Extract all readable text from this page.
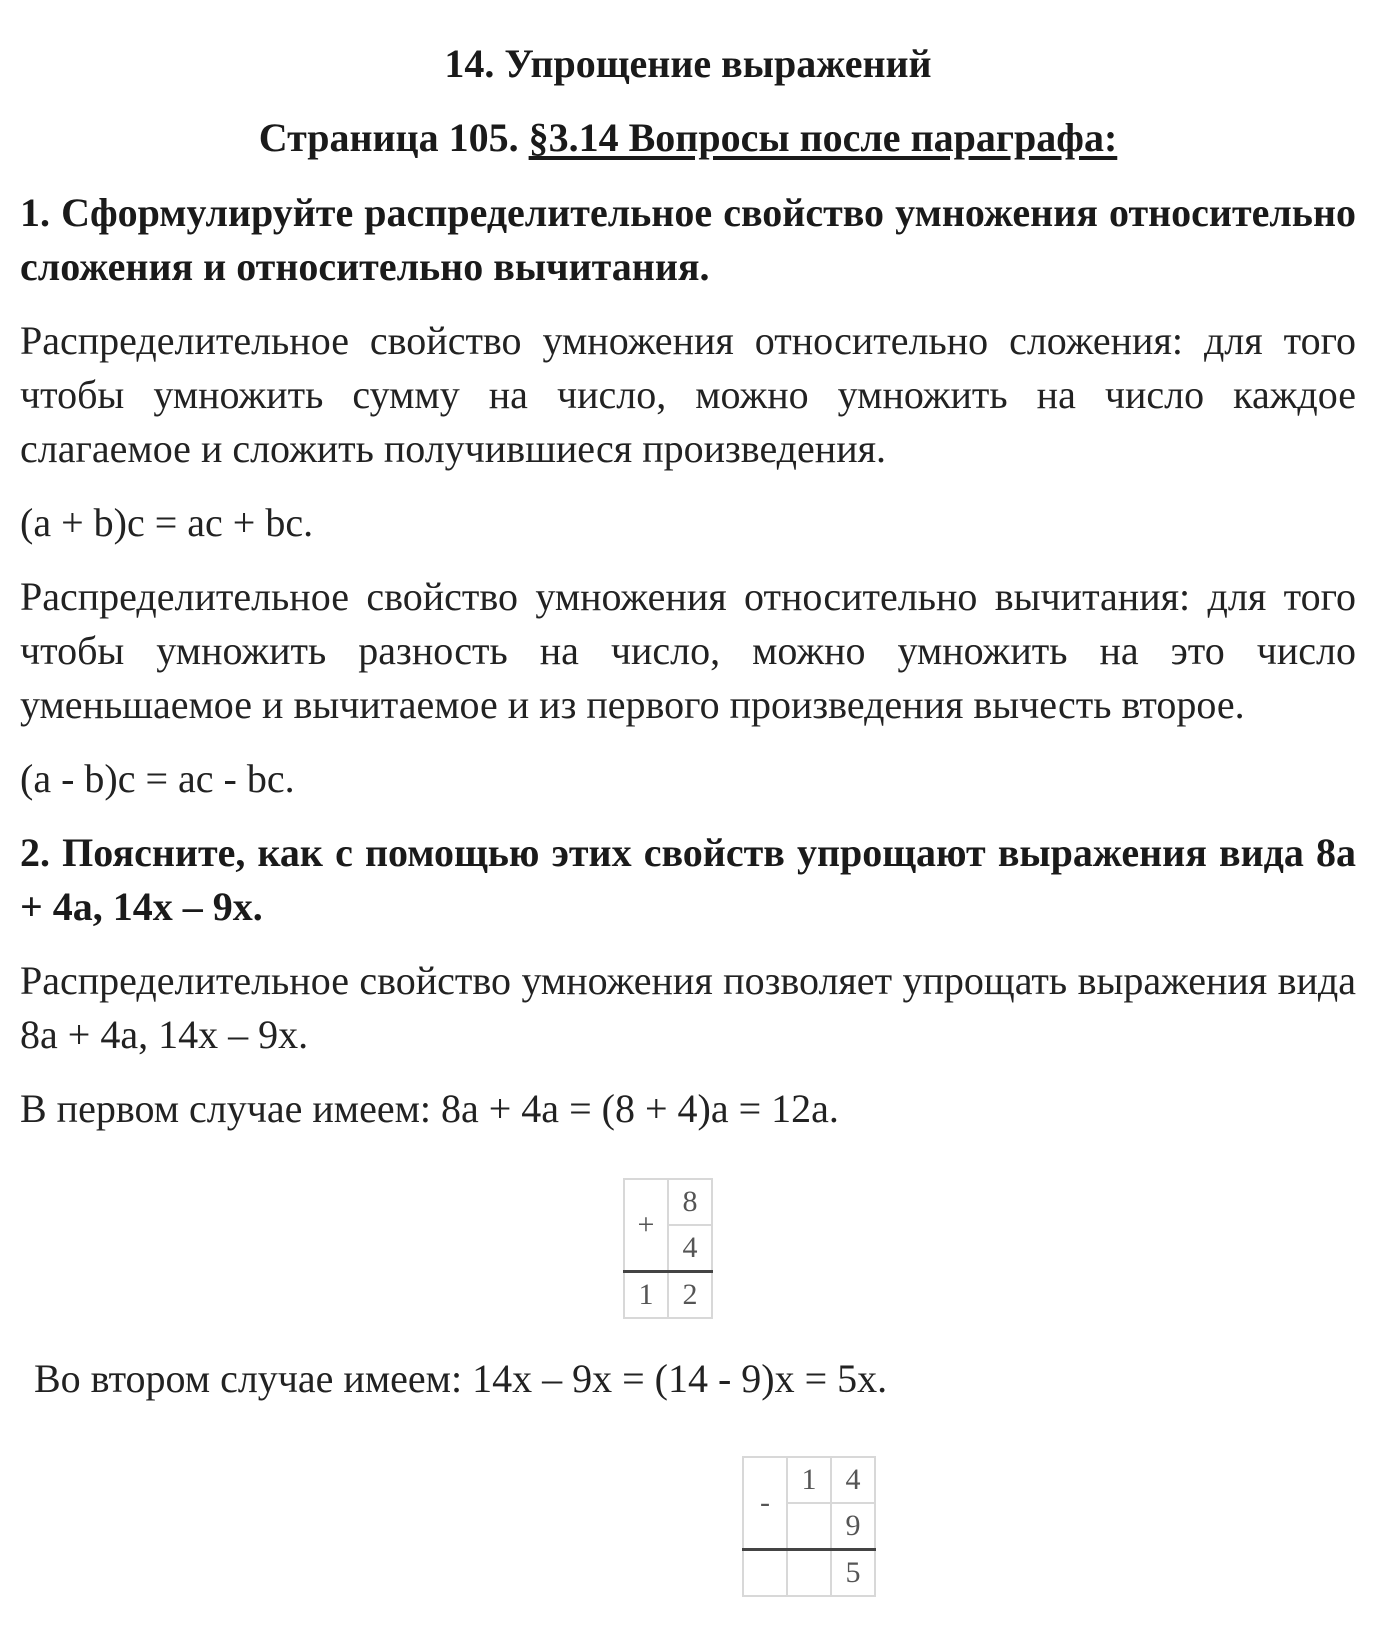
14. Упрощение выражений
Страница 105. §3.14 Вопросы после параграфа:

1. Сформулируйте распределительное свойство умножения относительно сложения и относительно вычитания.

Распределительное свойство умножения относительно сложения: для того чтобы умножить сумму на число, можно умножить на число каждое слагаемое и сложить получившиеся произведения.

(a + b)c = ac + bc.

Распределительное свойство умножения относительно вычитания: для того чтобы умножить разность на число, можно умножить на это число уменьшаемое и вычитаемое и из первого произведения вычесть второе.

(a - b)c = ac - bc.

2. Поясните, как с помощью этих свойств упрощают выражения вида 8a + 4a, 14x – 9x.

Распределительное свойство умножения позволяет упрощать выражения вида 8a + 4a, 14x – 9x.

В первом случае имеем: 8a + 4a = (8 + 4)a = 12a.

Во втором случае имеем: 14x – 9x = (14 - 9)x = 5x.

+	8
	4
1	2
-	1	4
		9
		5
